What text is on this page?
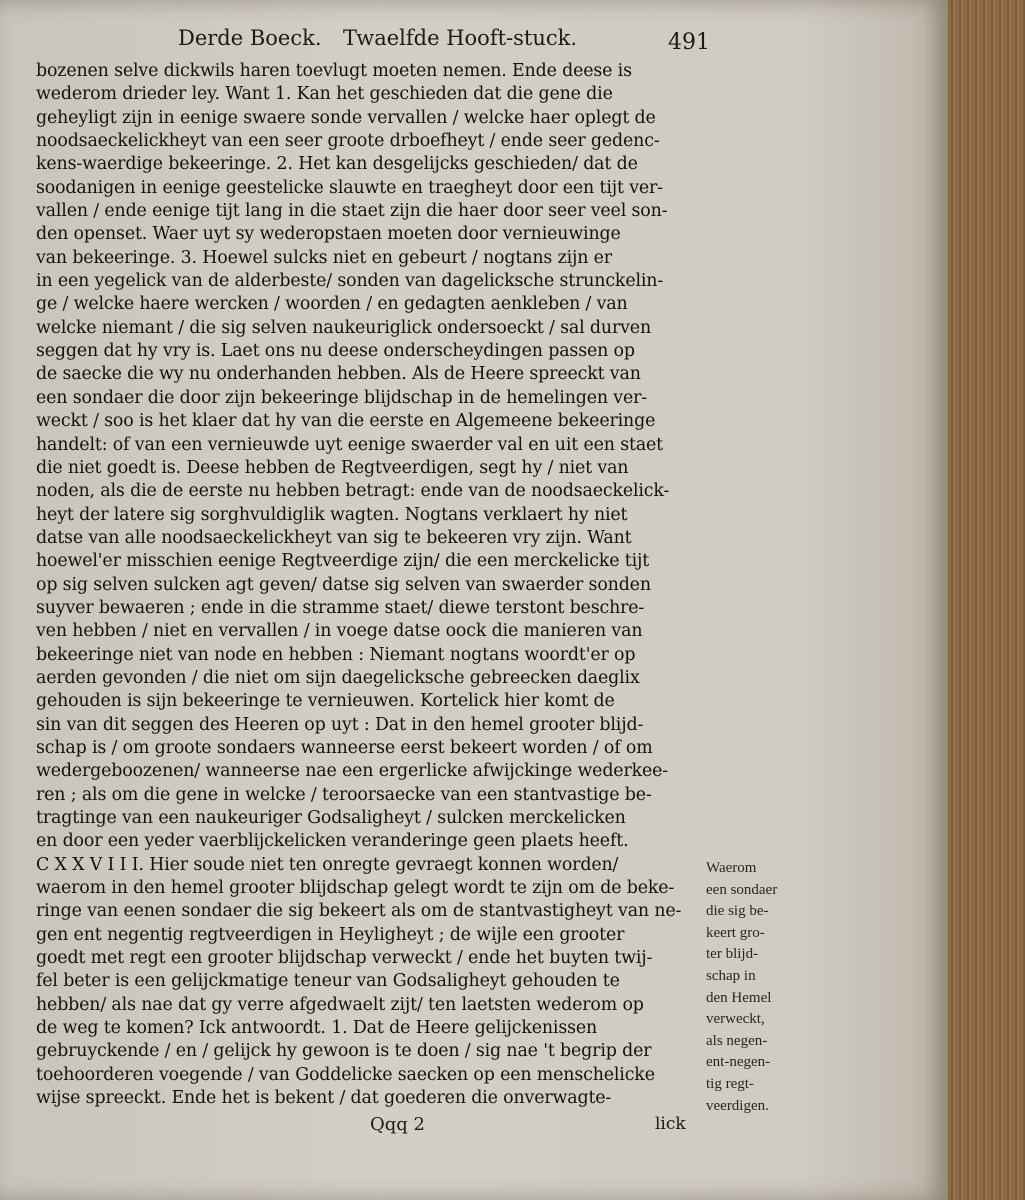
Derde Boeck. Twaelfde Hooft-stuck.	491
bozenen selve dickwils haren toevlugt moeten nemen. Ende deese is
wederom drieder ley. Want 1. Kan het geschieden dat die gene die
geheyligt zijn in eenige swaere sonde vervallen / welcke haer oplegt de
noodsaeckelickheyt van een seer groote drboefheyt / ende seer gedenc-
kens-waerdige bekeeringe. 2. Het kan desgelijcks geschieden/ dat de
soodanigen in eenige geestelicke slauwte en traegheyt door een tijt ver-
vallen / ende eenige tijt lang in die staet zijn die haer door seer veel son-
den openset. Waer uyt sy wederopstaen moeten door vernieuwinge
van bekeeringe. 3. Hoewel sulcks niet en gebeurt / nogtans zijn er
in een yegelick van de alderbeste/ sonden van dagelicksche strunckelin-
ge / welcke haere wercken / woorden / en gedagten aenkleben / van
welcke niemant / die sig selven naukeuriglick ondersoeckt / sal durven
seggen dat hy vry is. Laet ons nu deese onderscheydingen passen op
de saecke die wy nu onderhanden hebben. Als de Heere spreeckt van
een sondaer die door zijn bekeeringe blijdschap in de hemelingen ver-
weckt / soo is het klaer dat hy van die eerste en Algemeene bekeeringe
handelt: of van een vernieuwde uyt eenige swaerder val en uit een staet
die niet goedt is. Deese hebben de Regtveerdigen, segt hy / niet van
noden, als die de eerste nu hebben betragt: ende van de noodsaeckelick-
heyt der latere sig sorghvuldiglik wagten. Nogtans verklaert hy niet
datse van alle noodsaeckelickheyt van sig te bekeeren vry zijn. Want
hoewel'er misschien eenige Regtveerdige zijn/ die een merckelicke tijt
op sig selven sulcken agt geven/ datse sig selven van swaerder sonden
suyver bewaeren ; ende in die stramme staet/ diewe terstont beschre-
ven hebben / niet en vervallen / in voege datse oock die manieren van
bekeeringe niet van node en hebben : Niemant nogtans woordt'er op
aerden gevonden / die niet om sijn daegelicksche gebreecken daeglix
gehouden is sijn bekeeringe te vernieuwen. Kortelick hier komt de
sin van dit seggen des Heeren op uyt : Dat in den hemel grooter blijd-
schap is / om groote sondaers wanneerse eerst bekeert worden / of om
wedergeboozenen/ wanneerse nae een ergerlicke afwijckinge wederkee-
ren ; als om die gene in welcke / teroorsaecke van een stantvastige be-
tragtinge van een naukeuriger Godsaligheyt / sulcken merckelicken
en door een yeder vaerblijckelicken veranderinge geen plaets heeft.
C X X V I I I. Hier soude niet ten onregte gevraegt konnen worden/
waerom in den hemel grooter blijdschap gelegt wordt te zijn om de beke-
ringe van eenen sondaer die sig bekeert als om de stantvastigheyt van ne-
gen ent negentig regtveerdigen in Heyligheyt ; de wijle een grooter
goedt met regt een grooter blijdschap verweckt / ende het buyten twij-
fel beter is een gelijckmatige teneur van Godsaligheyt gehouden te
hebben/ als nae dat gy verre afgedwaelt zijt/ ten laetsten wederom op
de weg te komen? Ick antwoordt. 1. Dat de Heere gelijckenissen
gebruyckende / en / gelijck hy gewoon is te doen / sig nae 't begrip der
toehoorderen voegende / van Goddelicke saecken op een menschelicke
wijse spreeckt. Ende het is bekent / dat goederen die onverwagte-
Waerom
een sondaer
die sig be-
keert gro-
ter blijd-
schap in
den Hemel
verweckt,
als negen-
ent-negen-
tig regt-
veerdigen.
Qqq 2	lick
